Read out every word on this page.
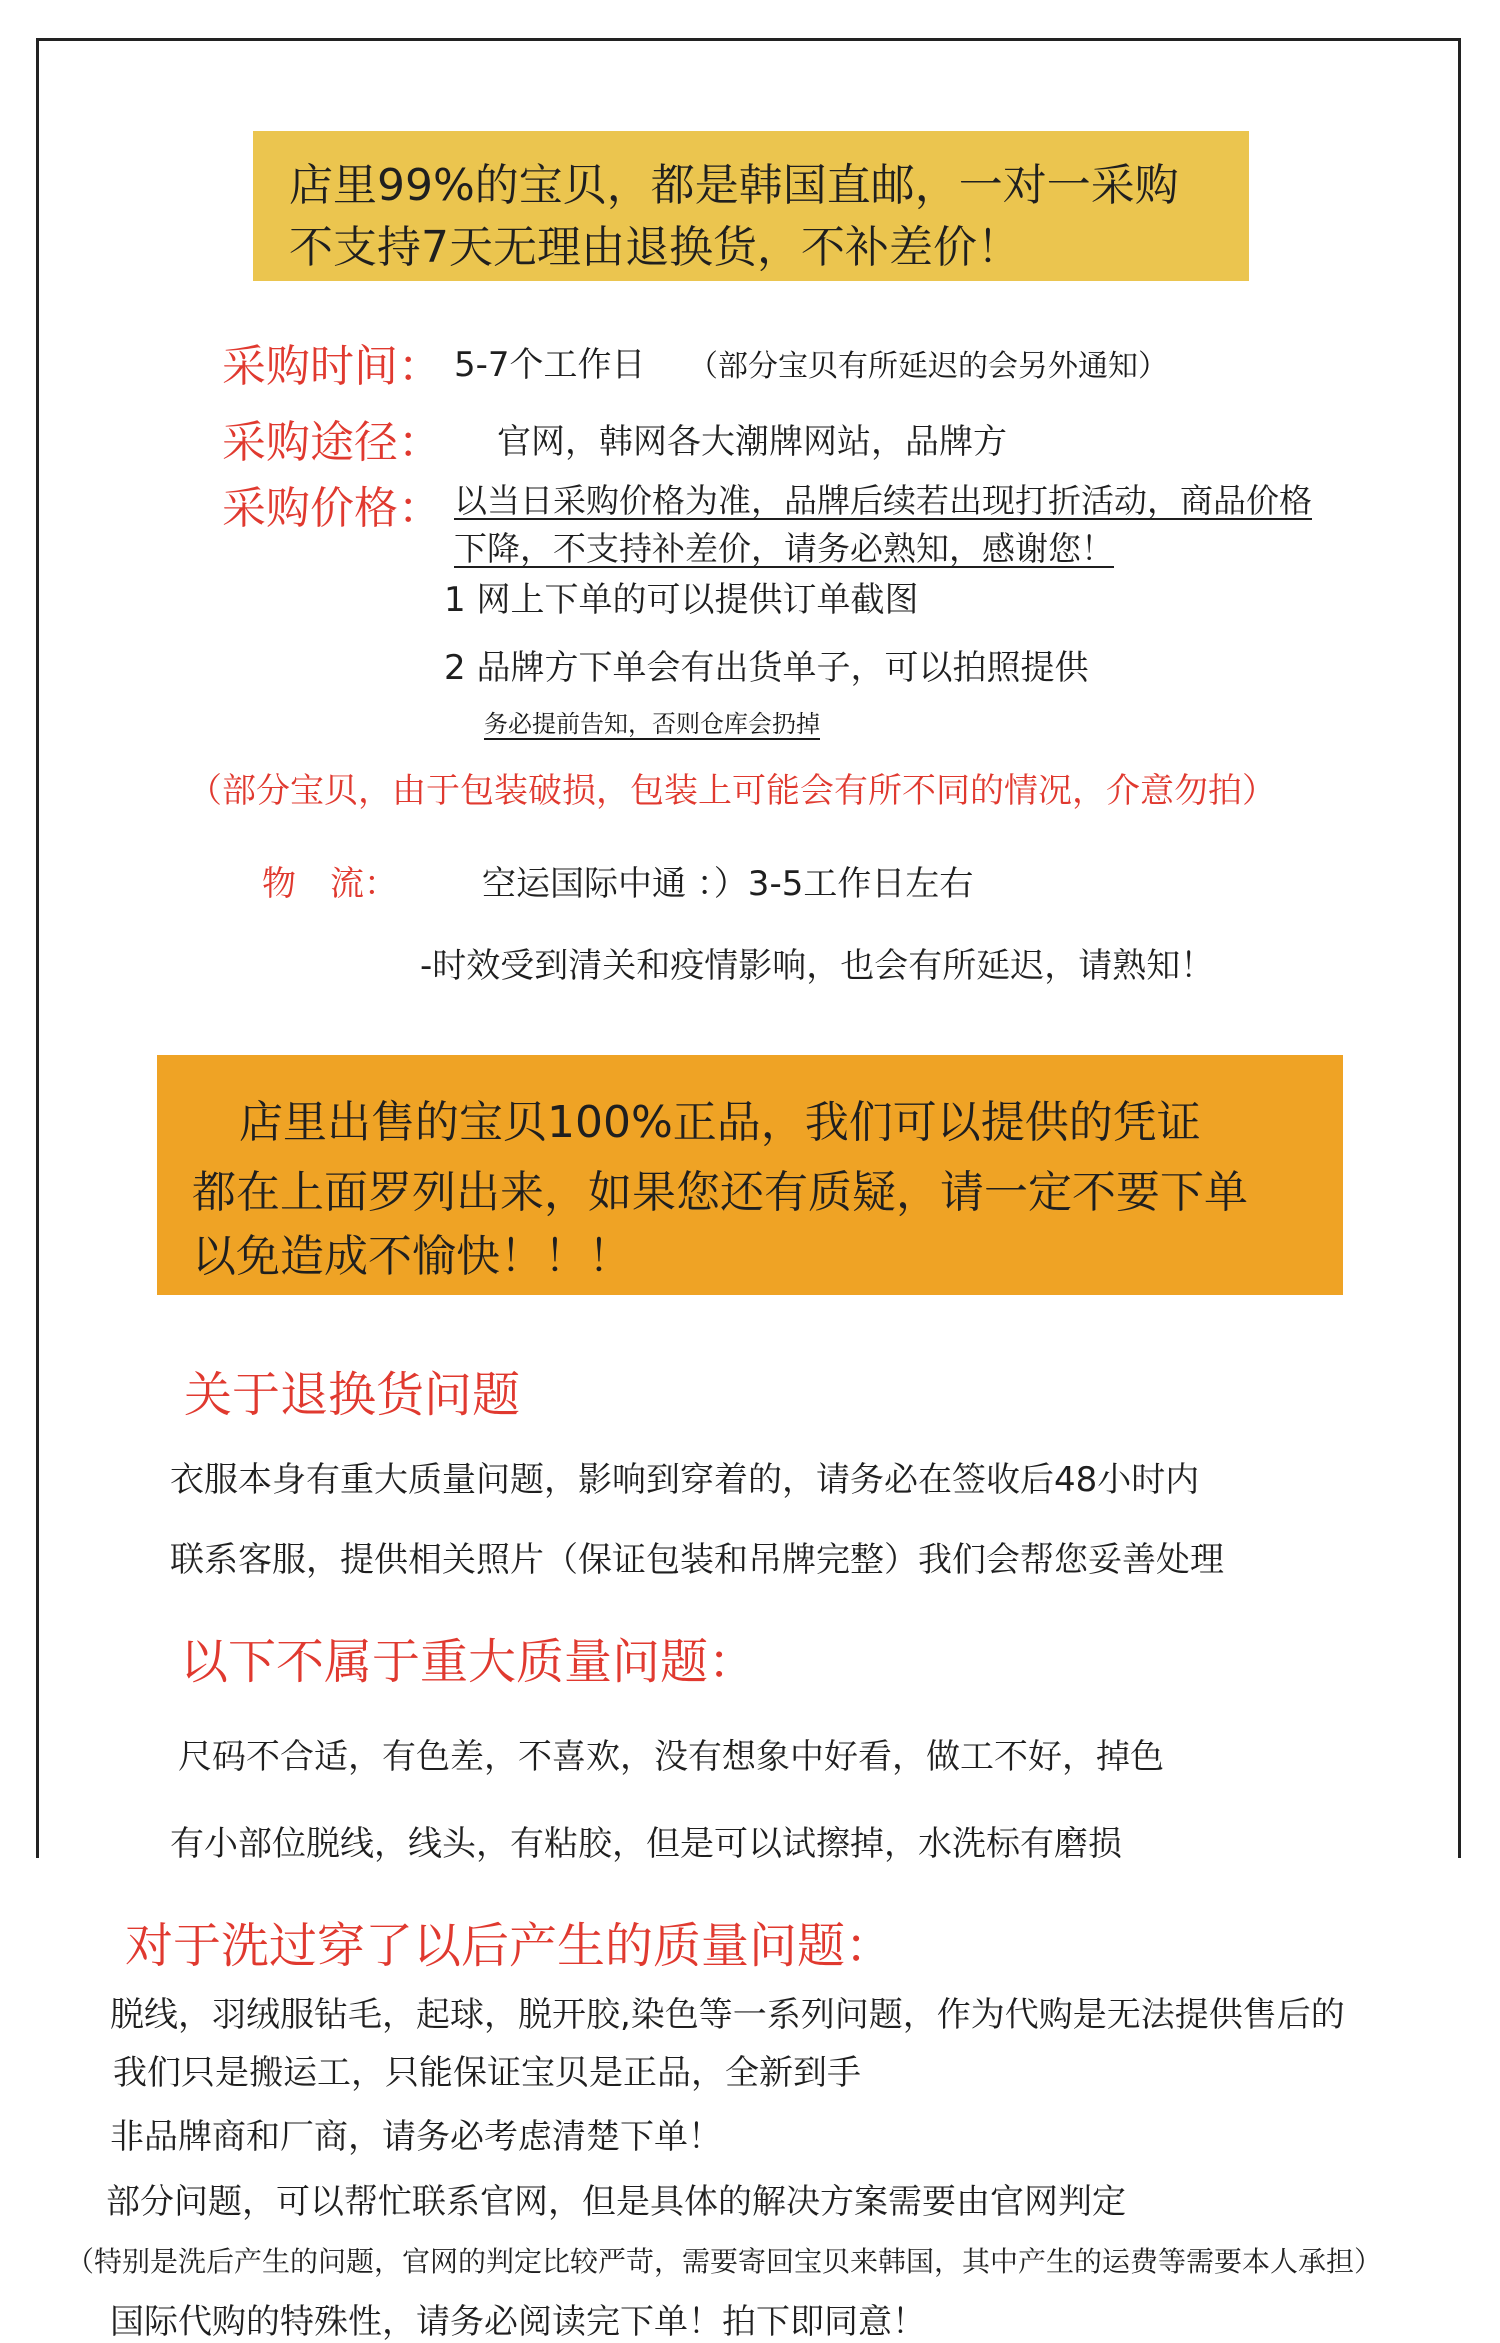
店里99%的宝贝，都是韩国直邮，一对一采购
不支持7天无理由退换货，不补差价！
采购时间： 5-7个工作日 （部分宝贝有所延迟的会另外通知）
采购途径： 官网，韩网各大潮牌网站，品牌方
采购价格： 以当日采购价格为准，品牌后续若出现打折活动，商品价格
下降，不支持补差价，请务必熟知，感谢您！
1 网上下单的可以提供订单截图
2 品牌方下单会有出货单子，可以拍照提供
务必提前告知，否则仓库会扔掉
（部分宝贝，由于包装破损，包装上可能会有所不同的情况，介意勿拍）
物　流： 空运国际中通 ：）3-5工作日左右
-时效受到清关和疫情影响，也会有所延迟，请熟知！
店里出售的宝贝100%正品，我们可以提供的凭证
都在上面罗列出来，如果您还有质疑，请一定不要下单
以免造成不愉快！！！
关于退换货问题
衣服本身有重大质量问题，影响到穿着的，请务必在签收后48小时内
联系客服，提供相关照片（保证包装和吊牌完整）我们会帮您妥善处理
以下不属于重大质量问题：
尺码不合适，有色差，不喜欢，没有想象中好看，做工不好，掉色
有小部位脱线，线头，有粘胶，但是可以试擦掉，水洗标有磨损
对于洗过穿了以后产生的质量问题：
脱线，羽绒服钻毛，起球，脱开胶,染色等一系列问题，作为代购是无法提供售后的
我们只是搬运工，只能保证宝贝是正品，全新到手
非品牌商和厂商，请务必考虑清楚下单！
部分问题，可以帮忙联系官网，但是具体的解决方案需要由官网判定
（特别是洗后产生的问题，官网的判定比较严苛，需要寄回宝贝来韩国，其中产生的运费等需要本人承担）
国际代购的特殊性，请务必阅读完下单！拍下即同意！
